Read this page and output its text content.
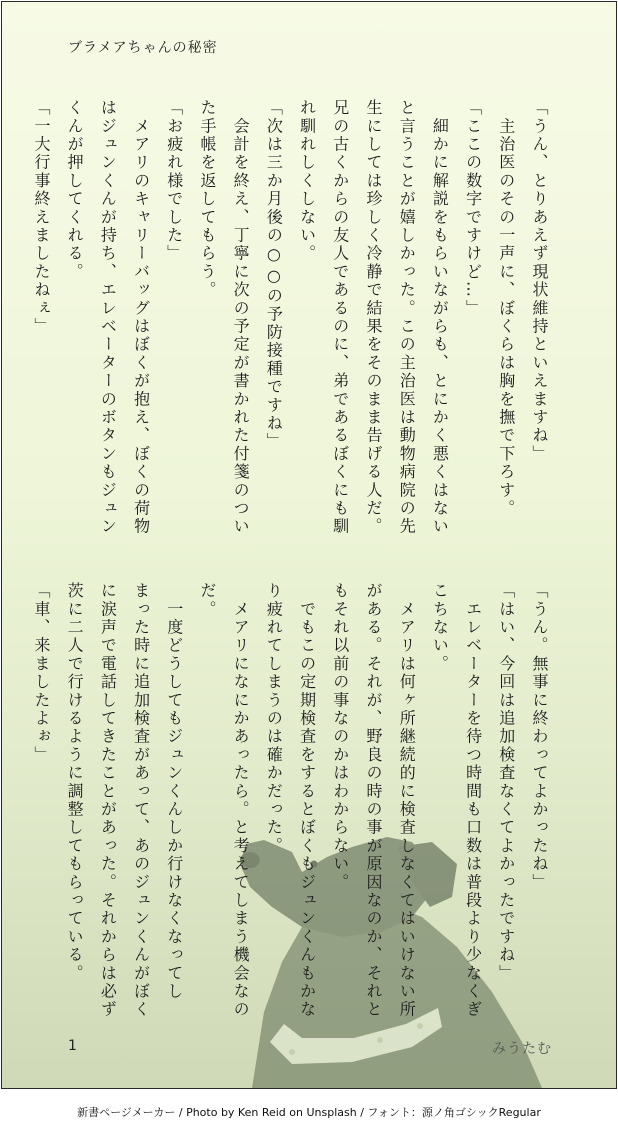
ブラメアちゃんの秘密
「うん、とりあえず現状維持といえますね」
　主治医のその一声に、ぼくらは胸を撫で下ろす。
「ここの数字ですけど…」
　細かに解説をもらいながらも、とにかく悪くはない
と言うことが嬉しかった。この主治医は動物病院の先
生にしては珍しく冷静で結果をそのまま告げる人だ。
兄の古くからの友人であるのに、弟であるぼくにも馴
れ馴れしくしない。
「次は三か月後の○○の予防接種ですね」
　会計を終え、丁寧に次の予定が書かれた付箋のつい
た手帳を返してもらう。
「お疲れ様でした」
　メアリのキャリーバッグはぼくが抱え、ぼくの荷物
はジュンくんが持ち、エレベーターのボタンもジュン
くんが押してくれる。
「一大行事終えましたねぇ」
「うん。無事に終わってよかったね」
「はい、今回は追加検査なくてよかったですね」
　エレベーターを待つ時間も口数は普段より少なくぎ
こちない。
　メアリは何ヶ所継続的に検査しなくてはいけない所
がある。それが、野良の時の事が原因なのか、それと
もそれ以前の事なのかはわからない。
　でもこの定期検査をするとぼくもジュンくんもかな
り疲れてしまうのは確かだった。
　メアリになにかあったら。と考えてしまう機会なの
だ。
　一度どうしてもジュンくんしか行けなくなってし
まった時に追加検査があって、あのジュンくんがぼく
に涙声で電話してきたことがあった。それからは必ず
茨に二人で行けるように調整してもらっている。
「車、来ましたよぉ」
1	みうたむ
新書ページメーカー / Photo by Ken Reid on Unsplash / フォント：源ノ角ゴシックRegular
